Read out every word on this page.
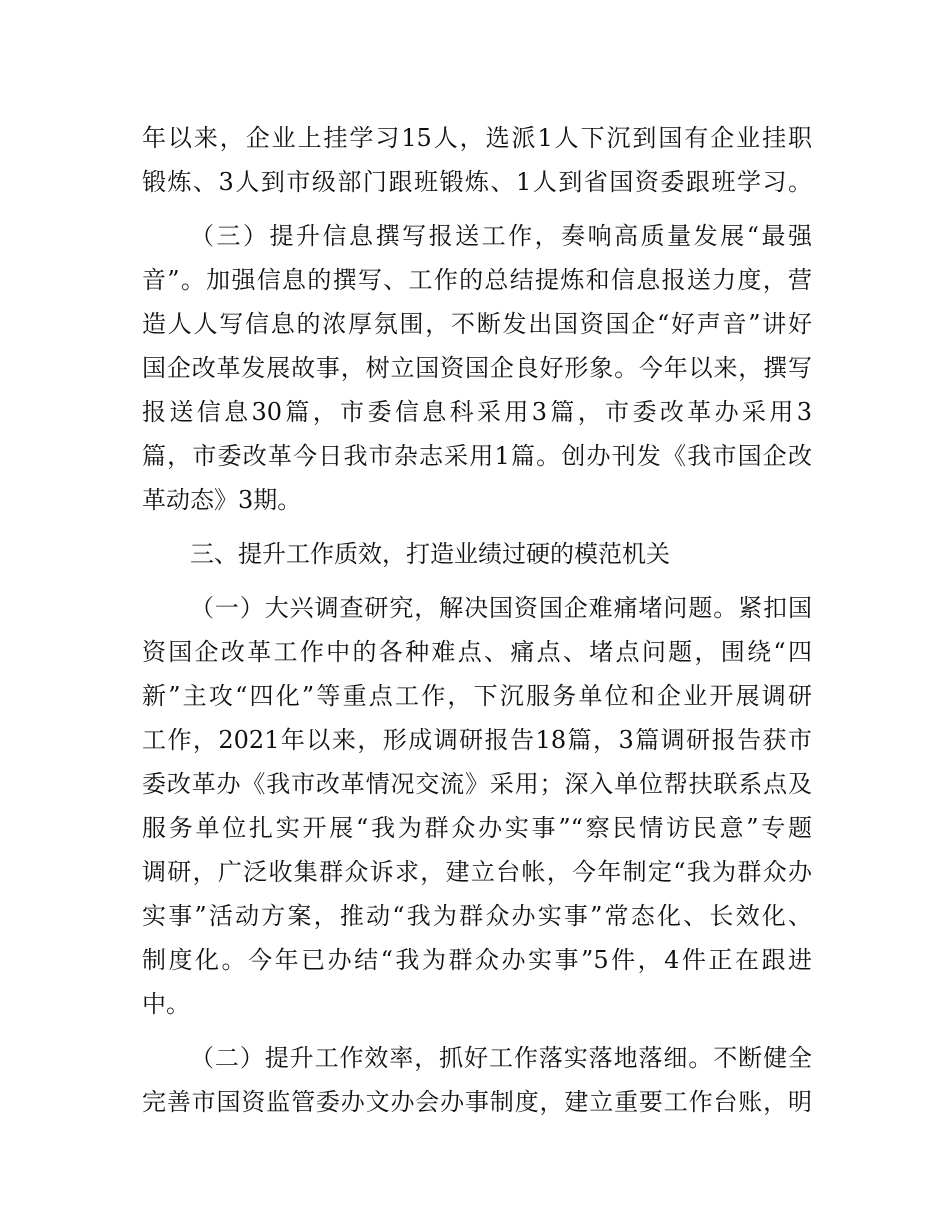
年以来，企业上挂学习15人，选派1人下沉到国有企业挂职
锻炼、3人到市级部门跟班锻炼、1人到省国资委跟班学习。
（三）提升信息撰写报送工作，奏响高质量发展“最强
音”。加强信息的撰写、工作的总结提炼和信息报送力度，营
造人人写信息的浓厚氛围，不断发出国资国企“好声音”讲好
国企改革发展故事，树立国资国企良好形象。今年以来，撰写
报送信息30篇，市委信息科采用3篇，市委改革办采用3
篇，市委改革今日我市杂志采用1篇。创办刊发《我市国企改
革动态》3期。
三、提升工作质效，打造业绩过硬的模范机关
（一）大兴调查研究，解决国资国企难痛堵问题。紧扣国
资国企改革工作中的各种难点、痛点、堵点问题，围绕“四
新”主攻“四化”等重点工作，下沉服务单位和企业开展调研
工作，2021年以来，形成调研报告18篇，3篇调研报告获市
委改革办《我市改革情况交流》采用；深入单位帮扶联系点及
服务单位扎实开展“我为群众办实事”“察民情访民意”专题
调研，广泛收集群众诉求，建立台帐，今年制定“我为群众办
实事”活动方案，推动“我为群众办实事”常态化、长效化、
制度化。今年已办结“我为群众办实事”5件，4件正在跟进
中。
（二）提升工作效率，抓好工作落实落地落细。不断健全
完善市国资监管委办文办会办事制度，建立重要工作台账，明
